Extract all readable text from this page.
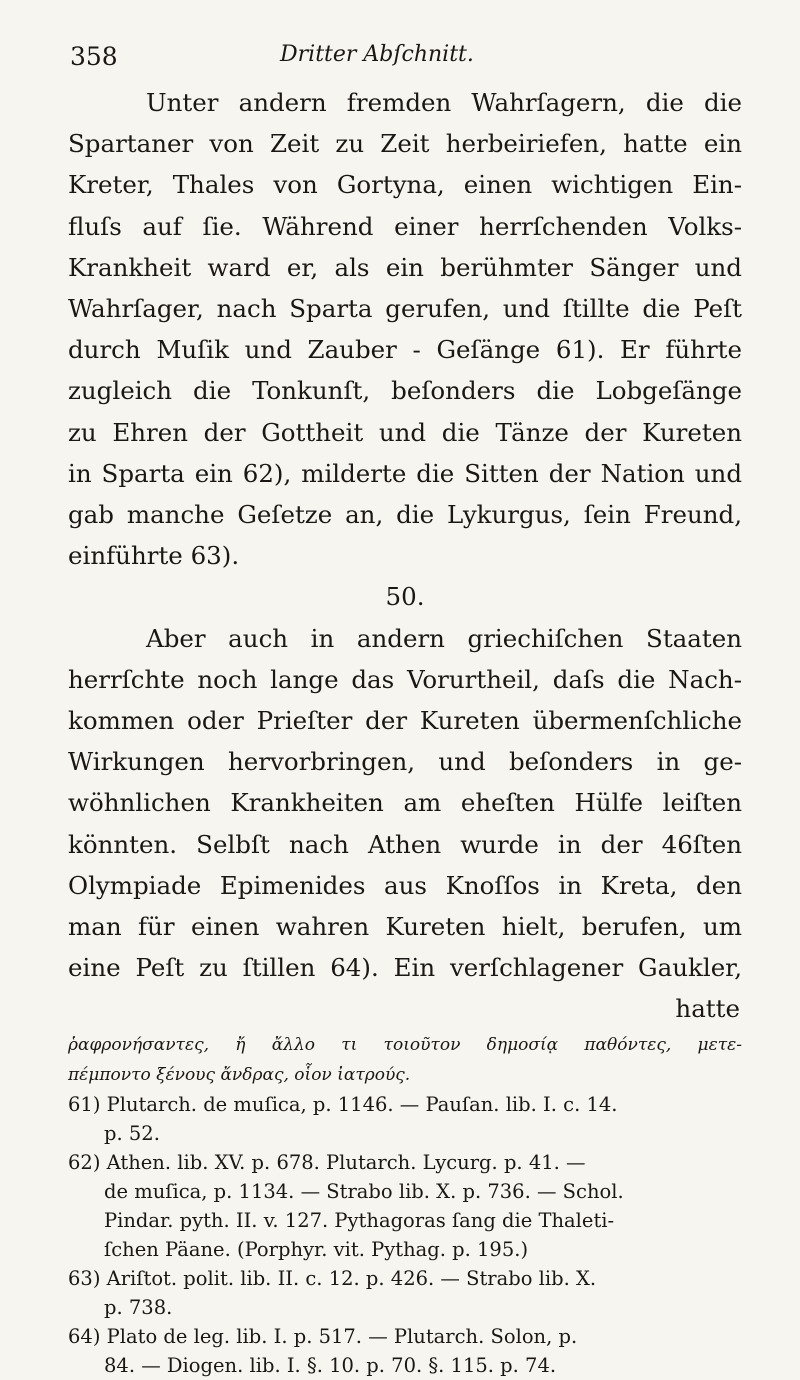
358	Dritter Abſchnitt.
Unter andern fremden Wahrſagern, die die
Spartaner von Zeit zu Zeit herbeiriefen, hatte ein
Kreter, Thales von Gortyna, einen wichtigen Ein-
fluſs auf ſie. Während einer herrſchenden Volks-
Krankheit ward er, als ein berühmter Sänger und
Wahrſager, nach Sparta gerufen, und ſtillte die Peſt
durch Muſik und Zauber - Geſänge 61). Er führte
zugleich die Tonkunſt, beſonders die Lobgeſänge
zu Ehren der Gottheit und die Tänze der Kureten
in Sparta ein 62), milderte die Sitten der Nation und
gab manche Geſetze an, die Lykurgus, ſein Freund,
einführte 63).
50.
Aber auch in andern griechiſchen Staaten
herrſchte noch lange das Vorurtheil, daſs die Nach-
kommen oder Prieſter der Kureten übermenſchliche
Wirkungen hervorbringen, und beſonders in ge-
wöhnlichen Krankheiten am eheſten Hülfe leiſten
könnten. Selbſt nach Athen wurde in der 46ſten
Olympiade Epimenides aus Knoſſos in Kreta, den
man für einen wahren Kureten hielt, berufen, um
eine Peſt zu ſtillen 64). Ein verſchlagener Gaukler,
hatte
ῥαφρονήσαντες, ἤ ἄλλο τι τοιοῦτον δημοσίᾳ παθόντες, μετε-
πέμποντο ξένους ἄνδρας, οἷον ἰατρούς.
61) Plutarch. de muſica, p. 1146. — Pauſan. lib. I. c. 14.
p. 52.
62) Athen. lib. XV. p. 678. Plutarch. Lycurg. p. 41. —
de muſica, p. 1134. — Strabo lib. X. p. 736. — Schol.
Pindar. pyth. II. v. 127. Pythagoras ſang die Thaleti-
ſchen Päane. (Porphyr. vit. Pythag. p. 195.)
63) Ariſtot. polit. lib. II. c. 12. p. 426. — Strabo lib. X.
p. 738.
64) Plato de leg. lib. I. p. 517. — Plutarch. Solon, p.
84. — Diogen. lib. I. §. 10. p. 70. §. 115. p. 74.
